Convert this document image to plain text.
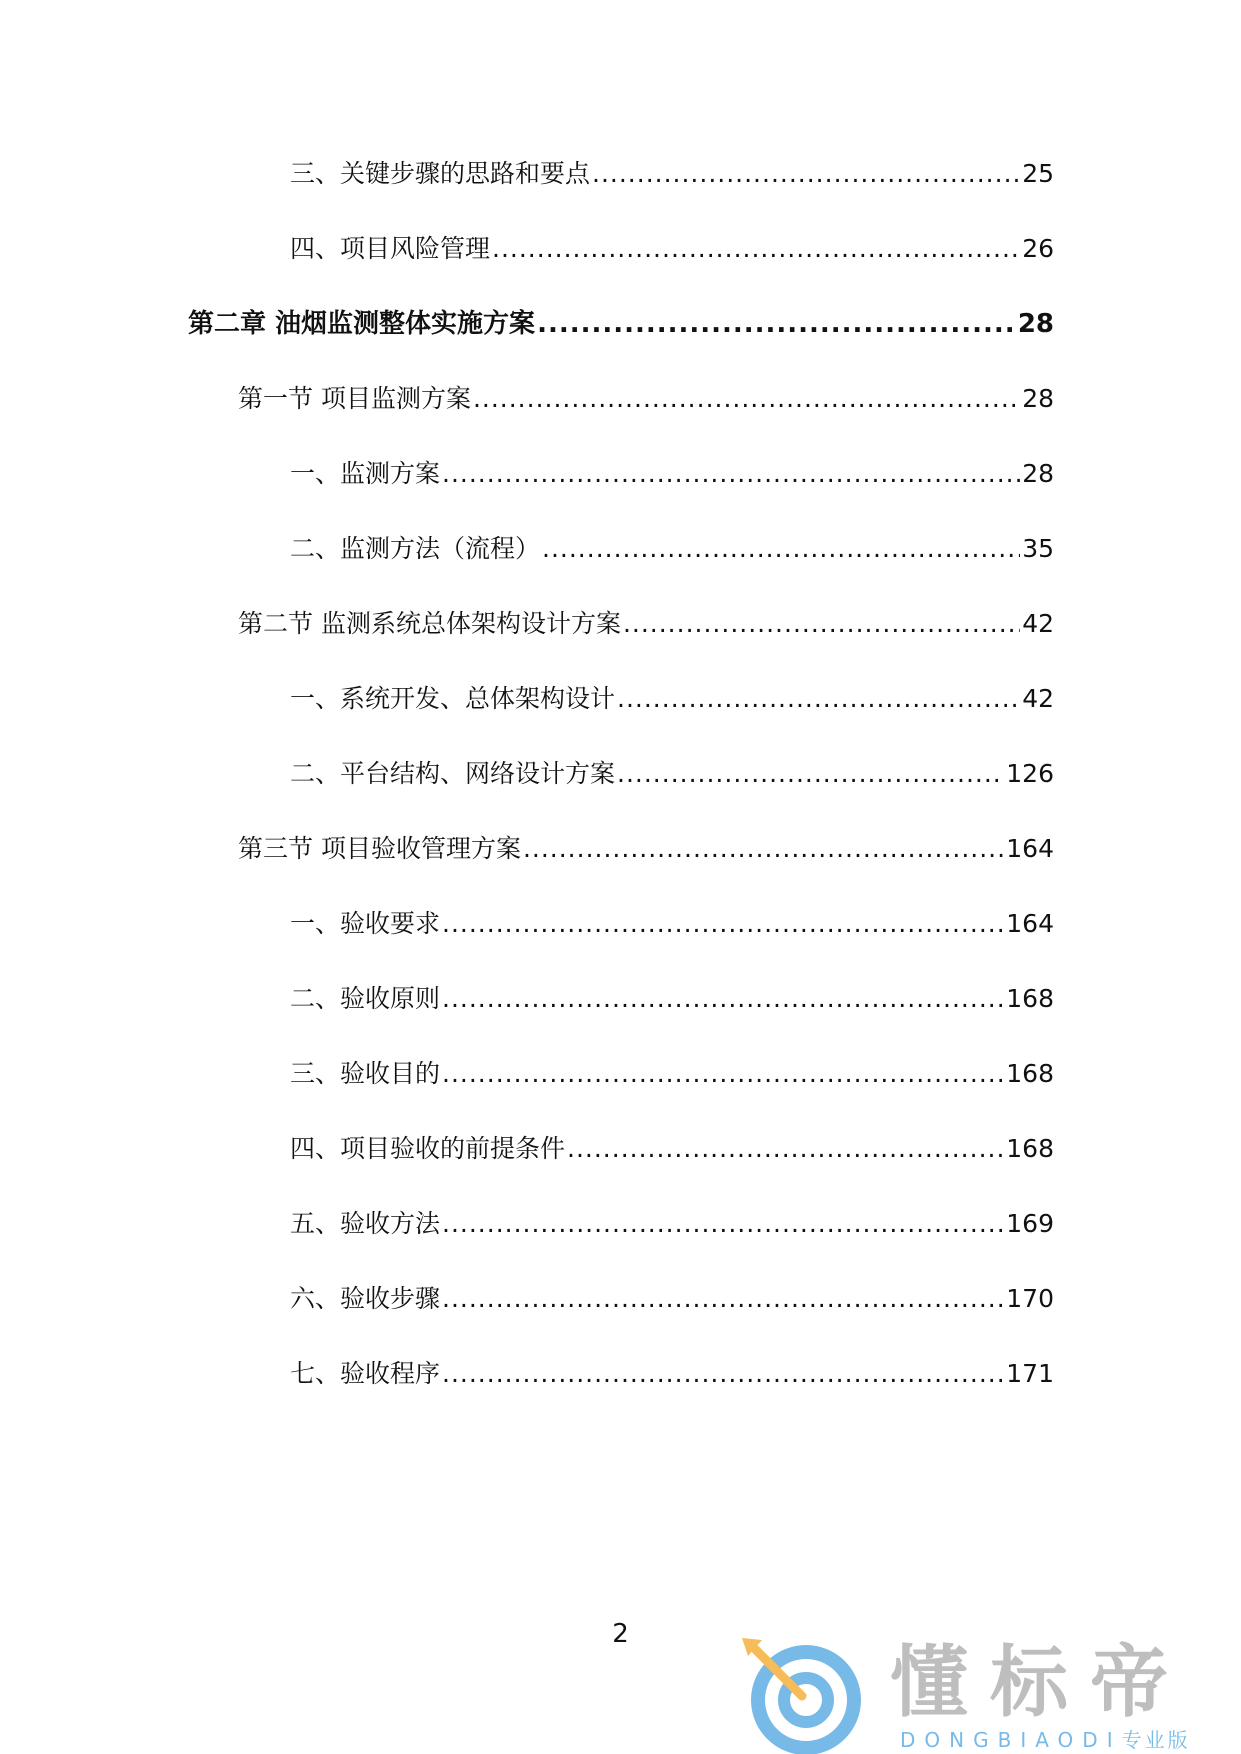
三、关键步骤的思路和要点 .....	25
四、项目风险管理 .....	26
第二章 油烟监测整体实施方案 .....	28
第一节 项目监测方案 .....	28
一、监测方案 .....	28
二、监测方法（流程） .....	35
第二节 监测系统总体架构设计方案 .....	42
一、系统开发、总体架构设计 .....	42
二、平台结构、网络设计方案 .....	126
第三节 项目验收管理方案 .....	164
一、验收要求 .....	164
二、验收原则 .....	168
三、验收目的 .....	168
四、项目验收的前提条件 .....	168
五、验收方法 .....	169
六、验收步骤 .....	170
七、验收程序 .....	171
2
懂标帝
DONGBIAODI专业版
